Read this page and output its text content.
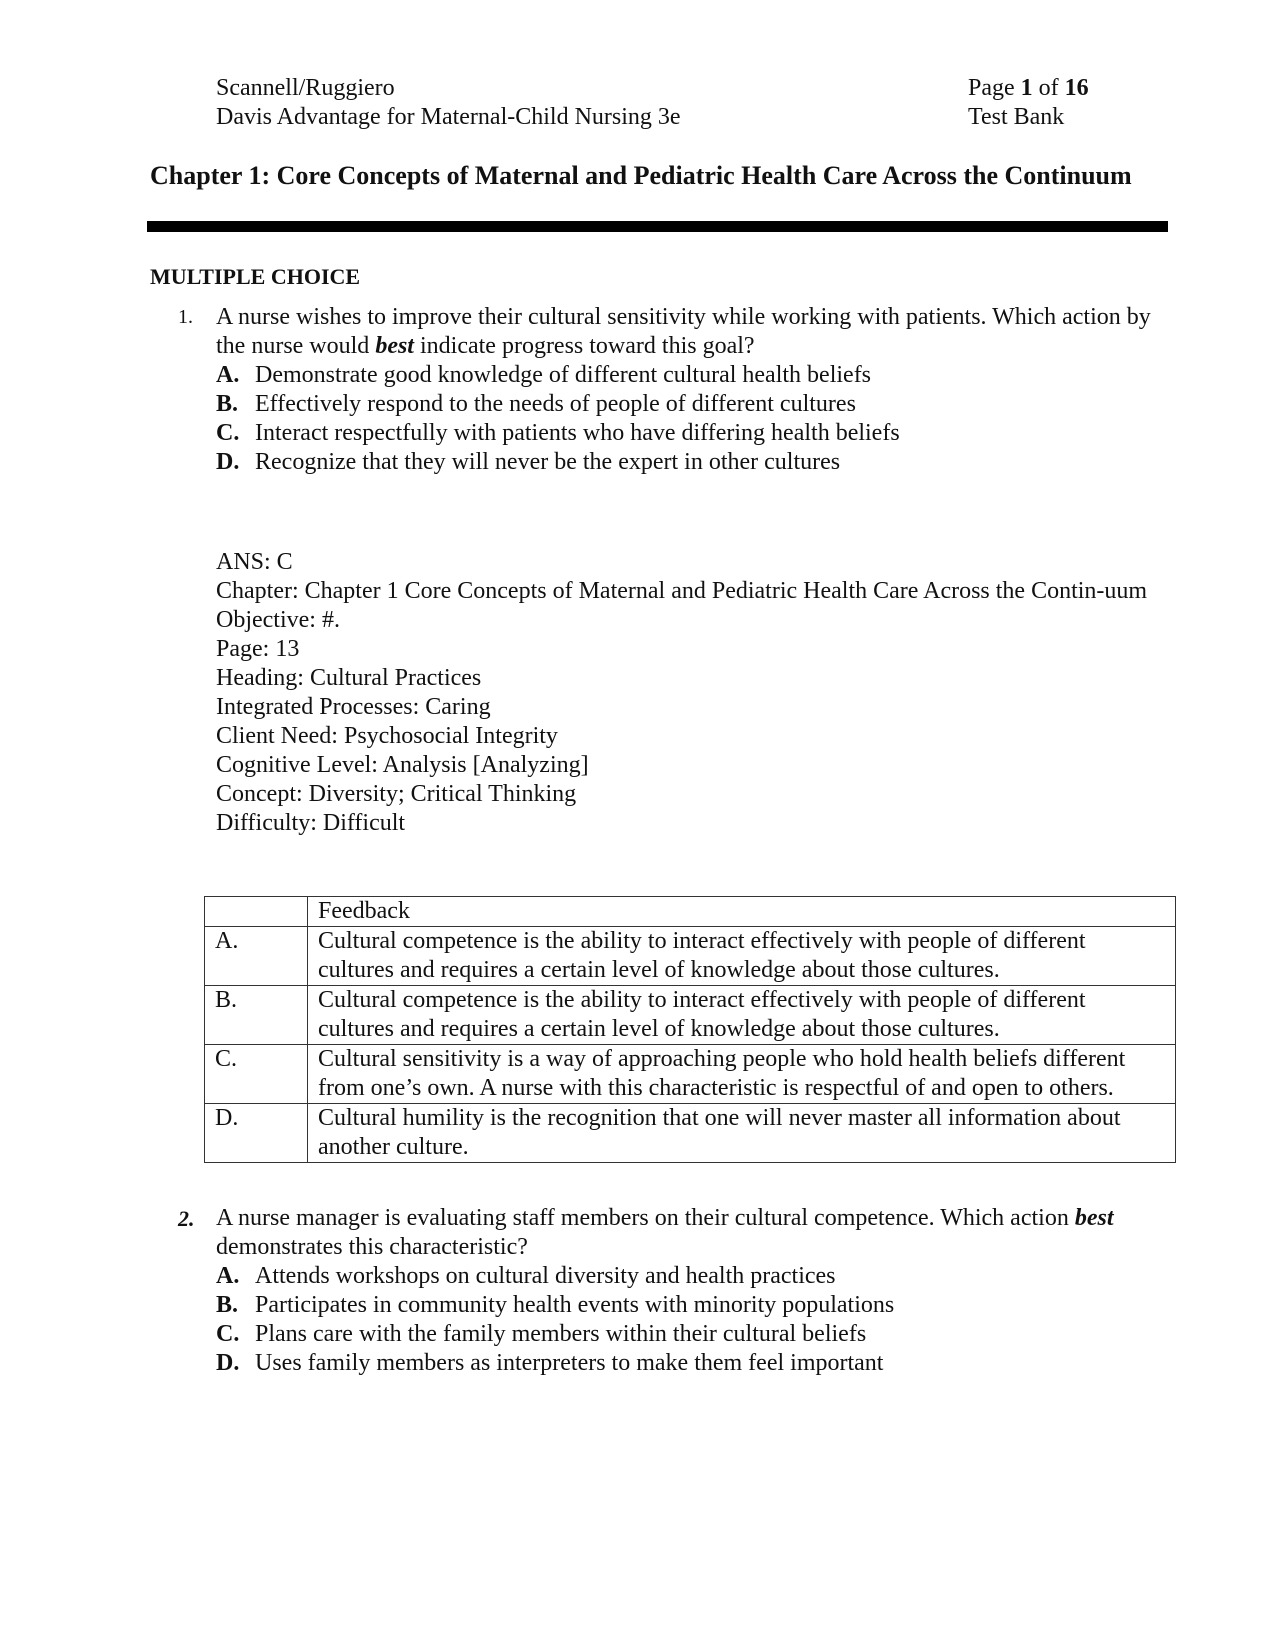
Scannell/Ruggiero
Davis Advantage for Maternal-Child Nursing 3e
Page 1 of 16
Test Bank
Chapter 1: Core Concepts of Maternal and Pediatric Health Care Across the Continuum
MULTIPLE CHOICE
1. A nurse wishes to improve their cultural sensitivity while working with patients. Which action by the nurse would best indicate progress toward this goal?
A. Demonstrate good knowledge of different cultural health beliefs
B. Effectively respond to the needs of people of different cultures
C. Interact respectfully with patients who have differing health beliefs
D. Recognize that they will never be the expert in other cultures
ANS: C
Chapter: Chapter 1 Core Concepts of Maternal and Pediatric Health Care Across the Contin-uum
Objective: #.
Page: 13
Heading: Cultural Practices
Integrated Processes: Caring
Client Need: Psychosocial Integrity
Cognitive Level: Analysis [Analyzing]
Concept: Diversity; Critical Thinking
Difficulty: Difficult
	Feedback
A.	Cultural competence is the ability to interact effectively with people of different cultures and requires a certain level of knowledge about those cultures.
B.	Cultural competence is the ability to interact effectively with people of different cultures and requires a certain level of knowledge about those cultures.
C.	Cultural sensitivity is a way of approaching people who hold health beliefs different from one’s own. A nurse with this characteristic is respectful of and open to others.
D.	Cultural humility is the recognition that one will never master all information about another culture.
2. A nurse manager is evaluating staff members on their cultural competence. Which action best demonstrates this characteristic?
A. Attends workshops on cultural diversity and health practices
B. Participates in community health events with minority populations
C. Plans care with the family members within their cultural beliefs
D. Uses family members as interpreters to make them feel important
